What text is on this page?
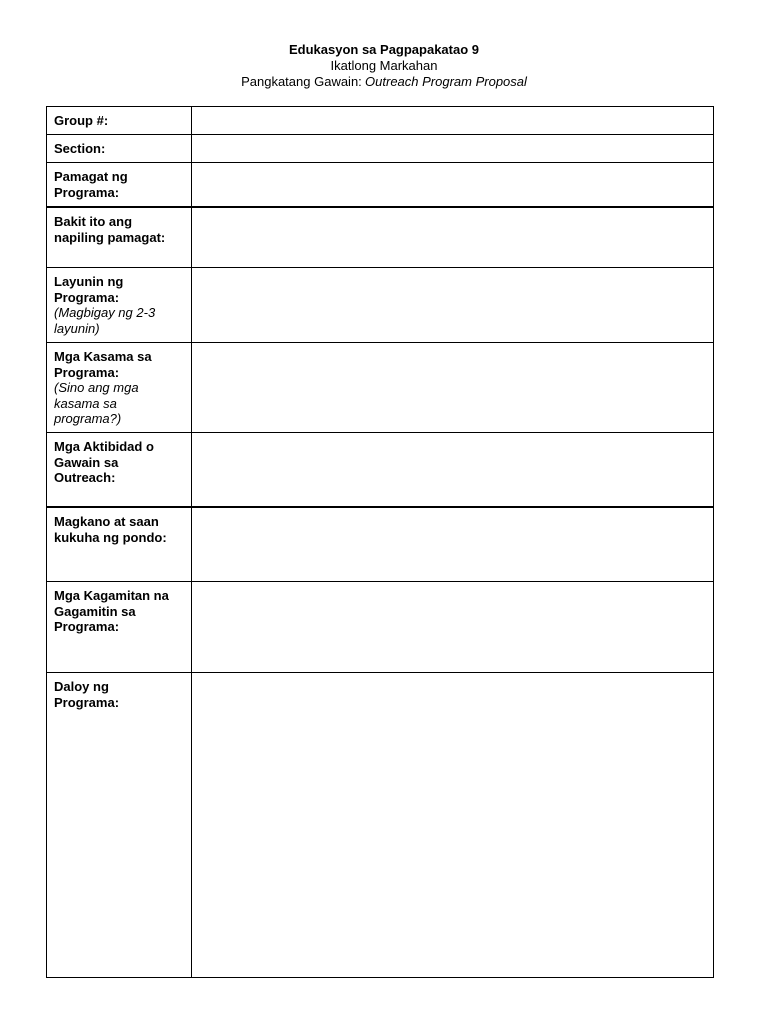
Edukasyon sa Pagpapakatao 9
Ikatlong Markahan
Pangkatang Gawain: Outreach Program Proposal
Group #:
Section:
Pamagat ng
Programa:
Bakit ito ang
napiling pamagat:
Layunin ng
Programa:
(Magbigay ng 2-3
layunin)
Mga Kasama sa
Programa:
(Sino ang mga
kasama sa
programa?)
Mga Aktibidad o
Gawain sa
Outreach:
Magkano at saan
kukuha ng pondo:
Mga Kagamitan na
Gagamitin sa
Programa:
Daloy ng
Programa:
